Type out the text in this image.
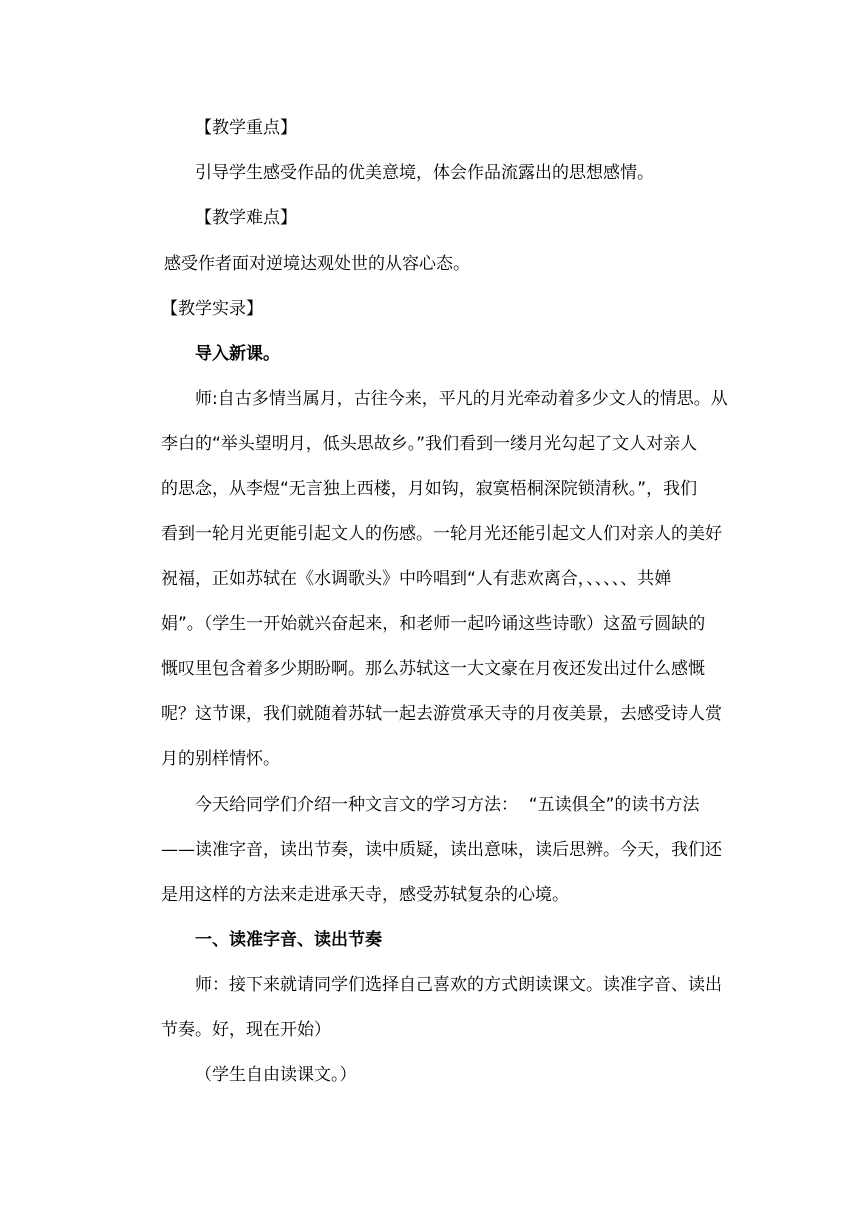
【教学重点】
引导学生感受作品的优美意境，体会作品流露出的思想感情。
【教学难点】
感受作者面对逆境达观处世的从容心态。
【教学实录】
导入新课。
师:自古多情当属月，古往今来，平凡的月光牵动着多少文人的情思。从
李白的“举头望明月，低头思故乡。”我们看到一缕月光勾起了文人对亲人
的思念，从李煜“无言独上西楼，月如钩，寂寞梧桐深院锁清秋。”，我们
看到一轮月光更能引起文人的伤感。一轮月光还能引起文人们对亲人的美好
祝福，正如苏轼在《水调歌头》中吟唱到“人有悲欢离合，、、、、、共婵
娟”。（学生一开始就兴奋起来，和老师一起吟诵这些诗歌）这盈亏圆缺的
慨叹里包含着多少期盼啊。那么苏轼这一大文豪在月夜还发出过什么感慨
呢？这节课，我们就随着苏轼一起去游赏承天寺的月夜美景，去感受诗人赏
月的别样情怀。
今天给同学们介绍一种文言文的学习方法：  “五读俱全”的读书方法
——读准字音，读出节奏，读中质疑，读出意味，读后思辨。今天，我们还
是用这样的方法来走进承天寺，感受苏轼复杂的心境。
一、读准字音、读出节奏
师：接下来就请同学们选择自己喜欢的方式朗读课文。读准字音、读出
节奏。好，现在开始）
（学生自由读课文。）
